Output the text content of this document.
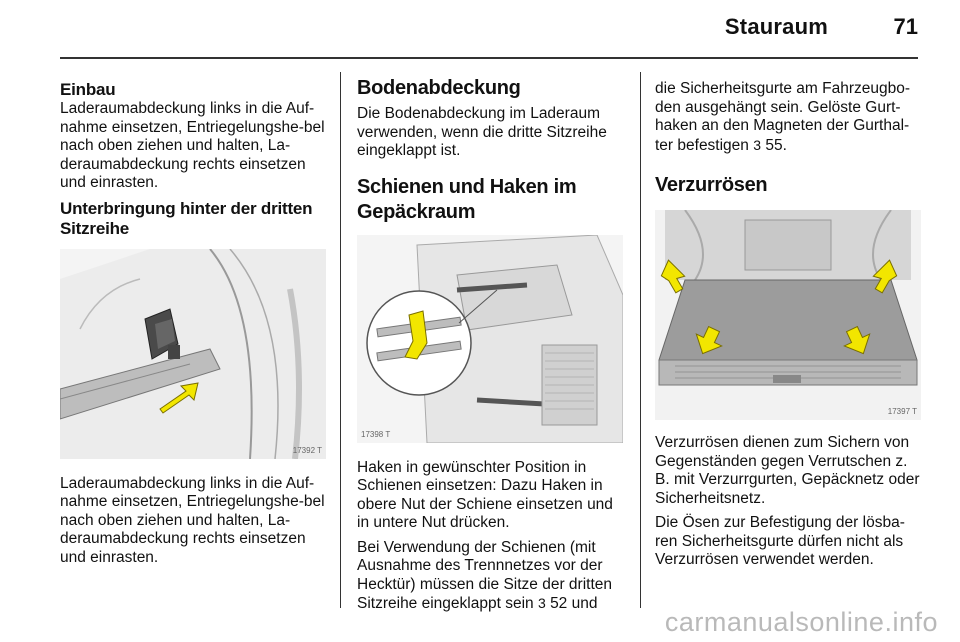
Stauraum	71
Einbau

Laderaumabdeckung links in die Auf-nahme einsetzen, Entriegelungshe-bel nach oben ziehen und halten, La-deraumabdeckung rechts einsetzen und einrasten.

Unterbringung hinter der dritten Sitzreihe
17392 T

Laderaumabdeckung links in die Auf-nahme einsetzen, Entriegelungshe-bel nach oben ziehen und halten, La-deraumabdeckung rechts einsetzen und einrasten.

Bodenabdeckung

Die Bodenabdeckung im Laderaum verwenden, wenn die dritte Sitzreihe eingeklappt ist.

Schienen und Haken im Gepäckraum
17398 T

Haken in gewünschter Position in Schienen einsetzen: Dazu Haken in obere Nut der Schiene einsetzen und in untere Nut drücken.

Bei Verwendung der Schienen (mit Ausnahme des Trennnetzes vor der Hecktür) müssen die Sitze der dritten Sitzreihe eingeklappt sein 3 52 und

die Sicherheitsgurte am Fahrzeugbo-den ausgehängt sein. Gelöste Gurt-haken an den Magneten der Gurthal-ter befestigen 3 55.

Verzurrösen
17397 T

Verzurrösen dienen zum Sichern von Gegenständen gegen Verrutschen z. B. mit Verzurrgurten, Gepäcknetz oder Sicherheitsnetz.

Die Ösen zur Befestigung der lösba-ren Sicherheitsgurte dürfen nicht als Verzurrösen verwendet werden.

carmanualsonline.info
